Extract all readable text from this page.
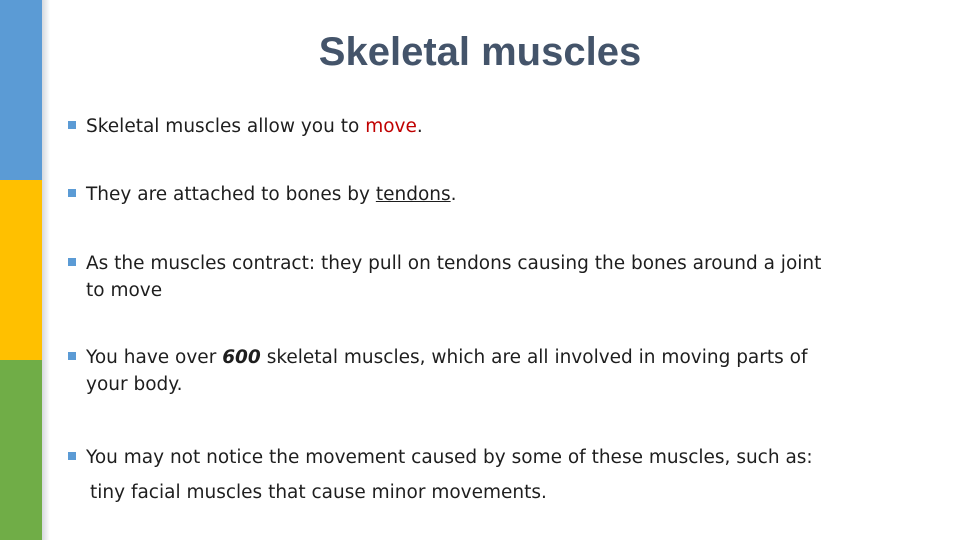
Skeletal muscles
Skeletal muscles allow you to move.
They are attached to bones by tendons.
As the muscles contract: they pull on tendons causing the bones around a joint
to move
You have over 600 skeletal muscles, which are all involved in moving parts of
your body.
You may not notice the movement caused by some of these muscles, such as:
tiny facial muscles that cause minor movements.
